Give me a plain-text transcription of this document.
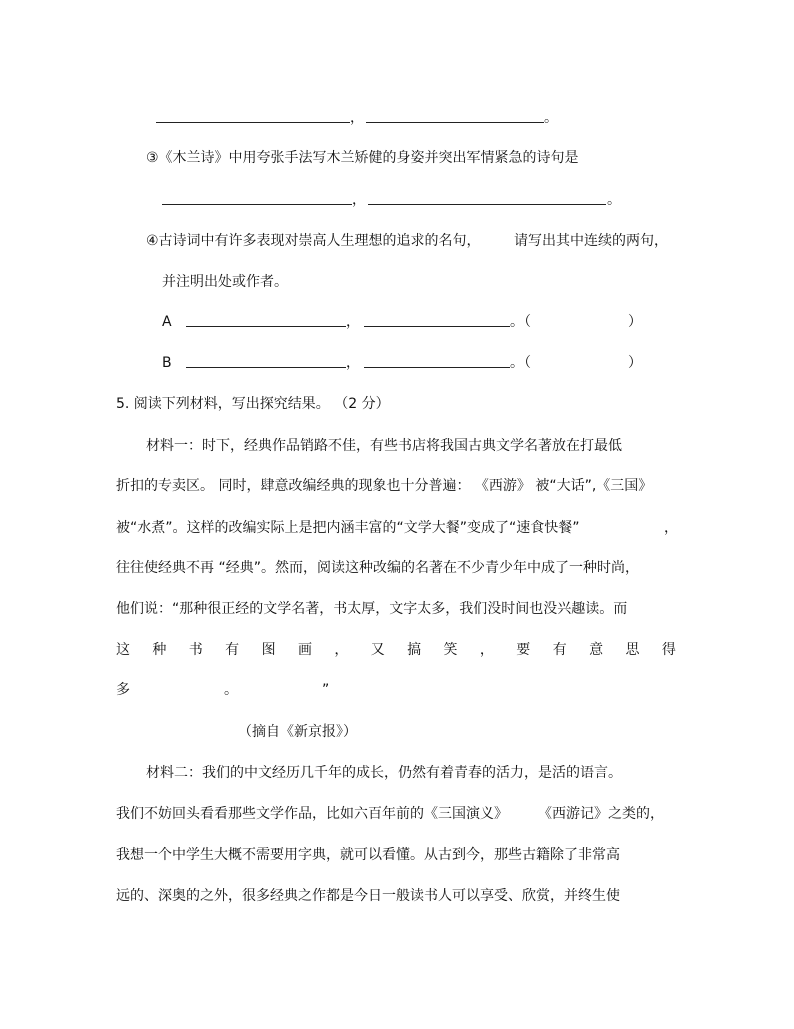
，	。
③《木兰诗》中用夸张手法写木兰矫健的身姿并突出军情紧急的诗句是
，	。
④古诗词中有许多表现对崇高人生理想的追求的名句， 请写出其中连续的两句，
并注明出处或作者。
A	，	。（	）
B	，	。（	）
5. 阅读下列材料，写出探究结果。 （2 分）
材料一：时下，经典作品销路不佳，有些书店将我国古典文学名著放在打最低
折扣的专卖区。 同时，肆意改编经典的现象也十分普遍： 《西游》 被“大话”,《三国》
被“水煮”。这样的改编实际上是把内涵丰富的“文学大餐”变成了“速食快餐”	，
往往使经典不再 “经典”。然而，阅读这种改编的名著在不少青少年中成了一种时尚，
他们说：“那种很正经的文学名著，书太厚，文字太多，我们没时间也没兴趣读。而
这 种 书 有 图 画 ， 又 搞 笑 ， 要 有 意 思 得
多	。	”
（摘自《新京报》）
材料二：我们的中文经历几千年的成长，仍然有着青春的活力，是活的语言。
我们不妨回头看看那些文学作品，比如六百年前的《三国演义》 《西游记》之类的，
我想一个中学生大概不需要用字典，就可以看懂。从古到今，那些古籍除了非常高
远的、深奥的之外，很多经典之作都是今日一般读书人可以享受、欣赏，并终生使
